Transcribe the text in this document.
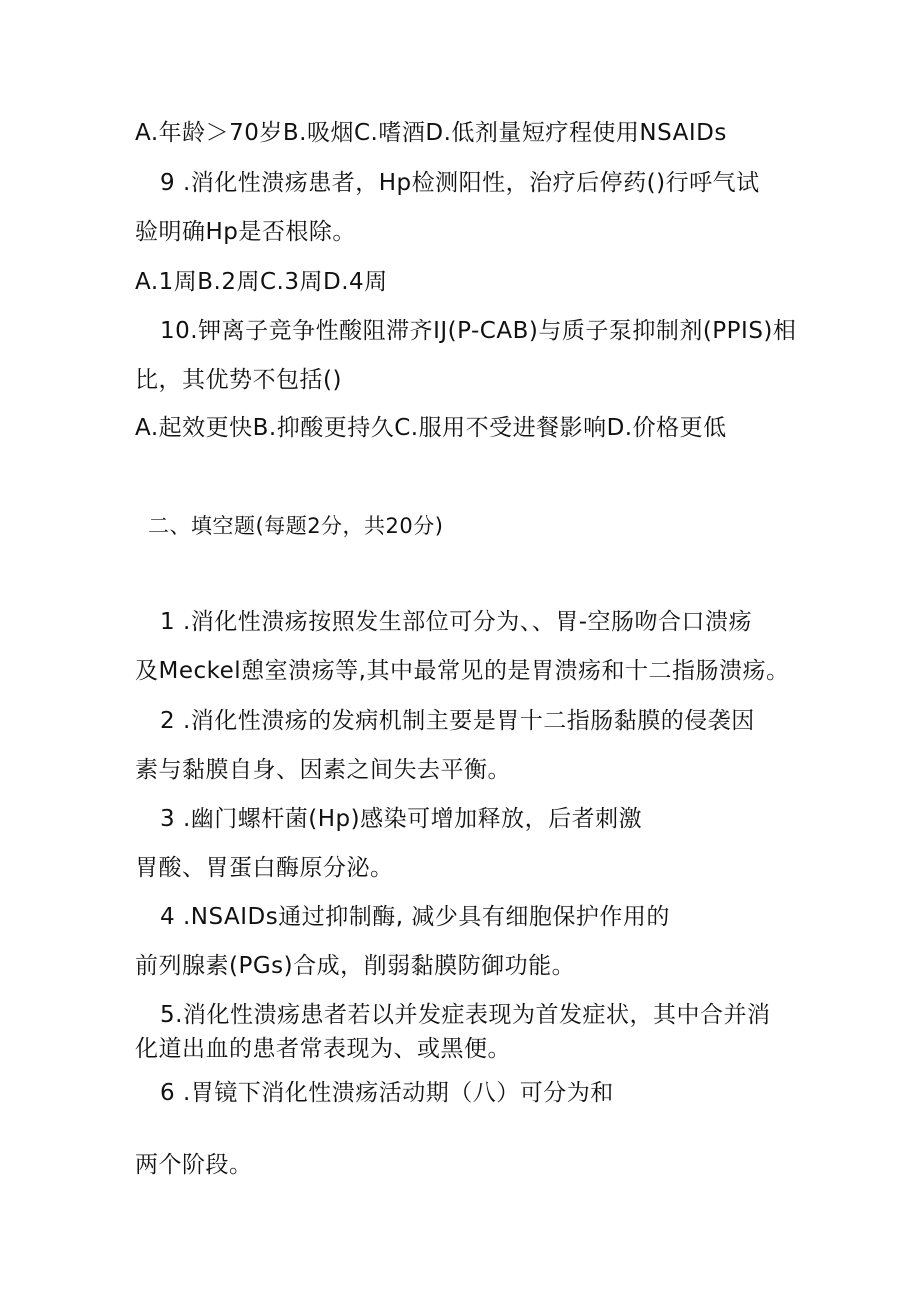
A.年龄＞70岁B.吸烟C.嗜酒D.低剂量短疗程使用NSAIDs
9 .消化性溃疡患者，Hp检测阳性，治疗后停药()行呼气试
验明确Hp是否根除。
A.1周B.2周C.3周D.4周
10.钾离子竞争性酸阻滞齐IJ(P-CAB)与质子泵抑制剂(PPIS)相
比，其优势不包括()
A.起效更快B.抑酸更持久C.服用不受进餐影响D.价格更低
二、填空题(每题2分，共20分)
1 .消化性溃疡按照发生部位可分为、、胃-空肠吻合口溃疡
及Meckel憩室溃疡等,其中最常见的是胃溃疡和十二指肠溃疡。
2 .消化性溃疡的发病机制主要是胃十二指肠黏膜的侵袭因
素与黏膜自身、因素之间失去平衡。
3 .幽门螺杆菌(Hp)感染可增加释放，后者刺激
胃酸、胃蛋白酶原分泌。
4 .NSAIDs通过抑制酶, 减少具有细胞保护作用的
前列腺素(PGs)合成，削弱黏膜防御功能。
5.消化性溃疡患者若以并发症表现为首发症状，其中合并消
化道出血的患者常表现为、或黑便。
6 .胃镜下消化性溃疡活动期（八）可分为和
两个阶段。
